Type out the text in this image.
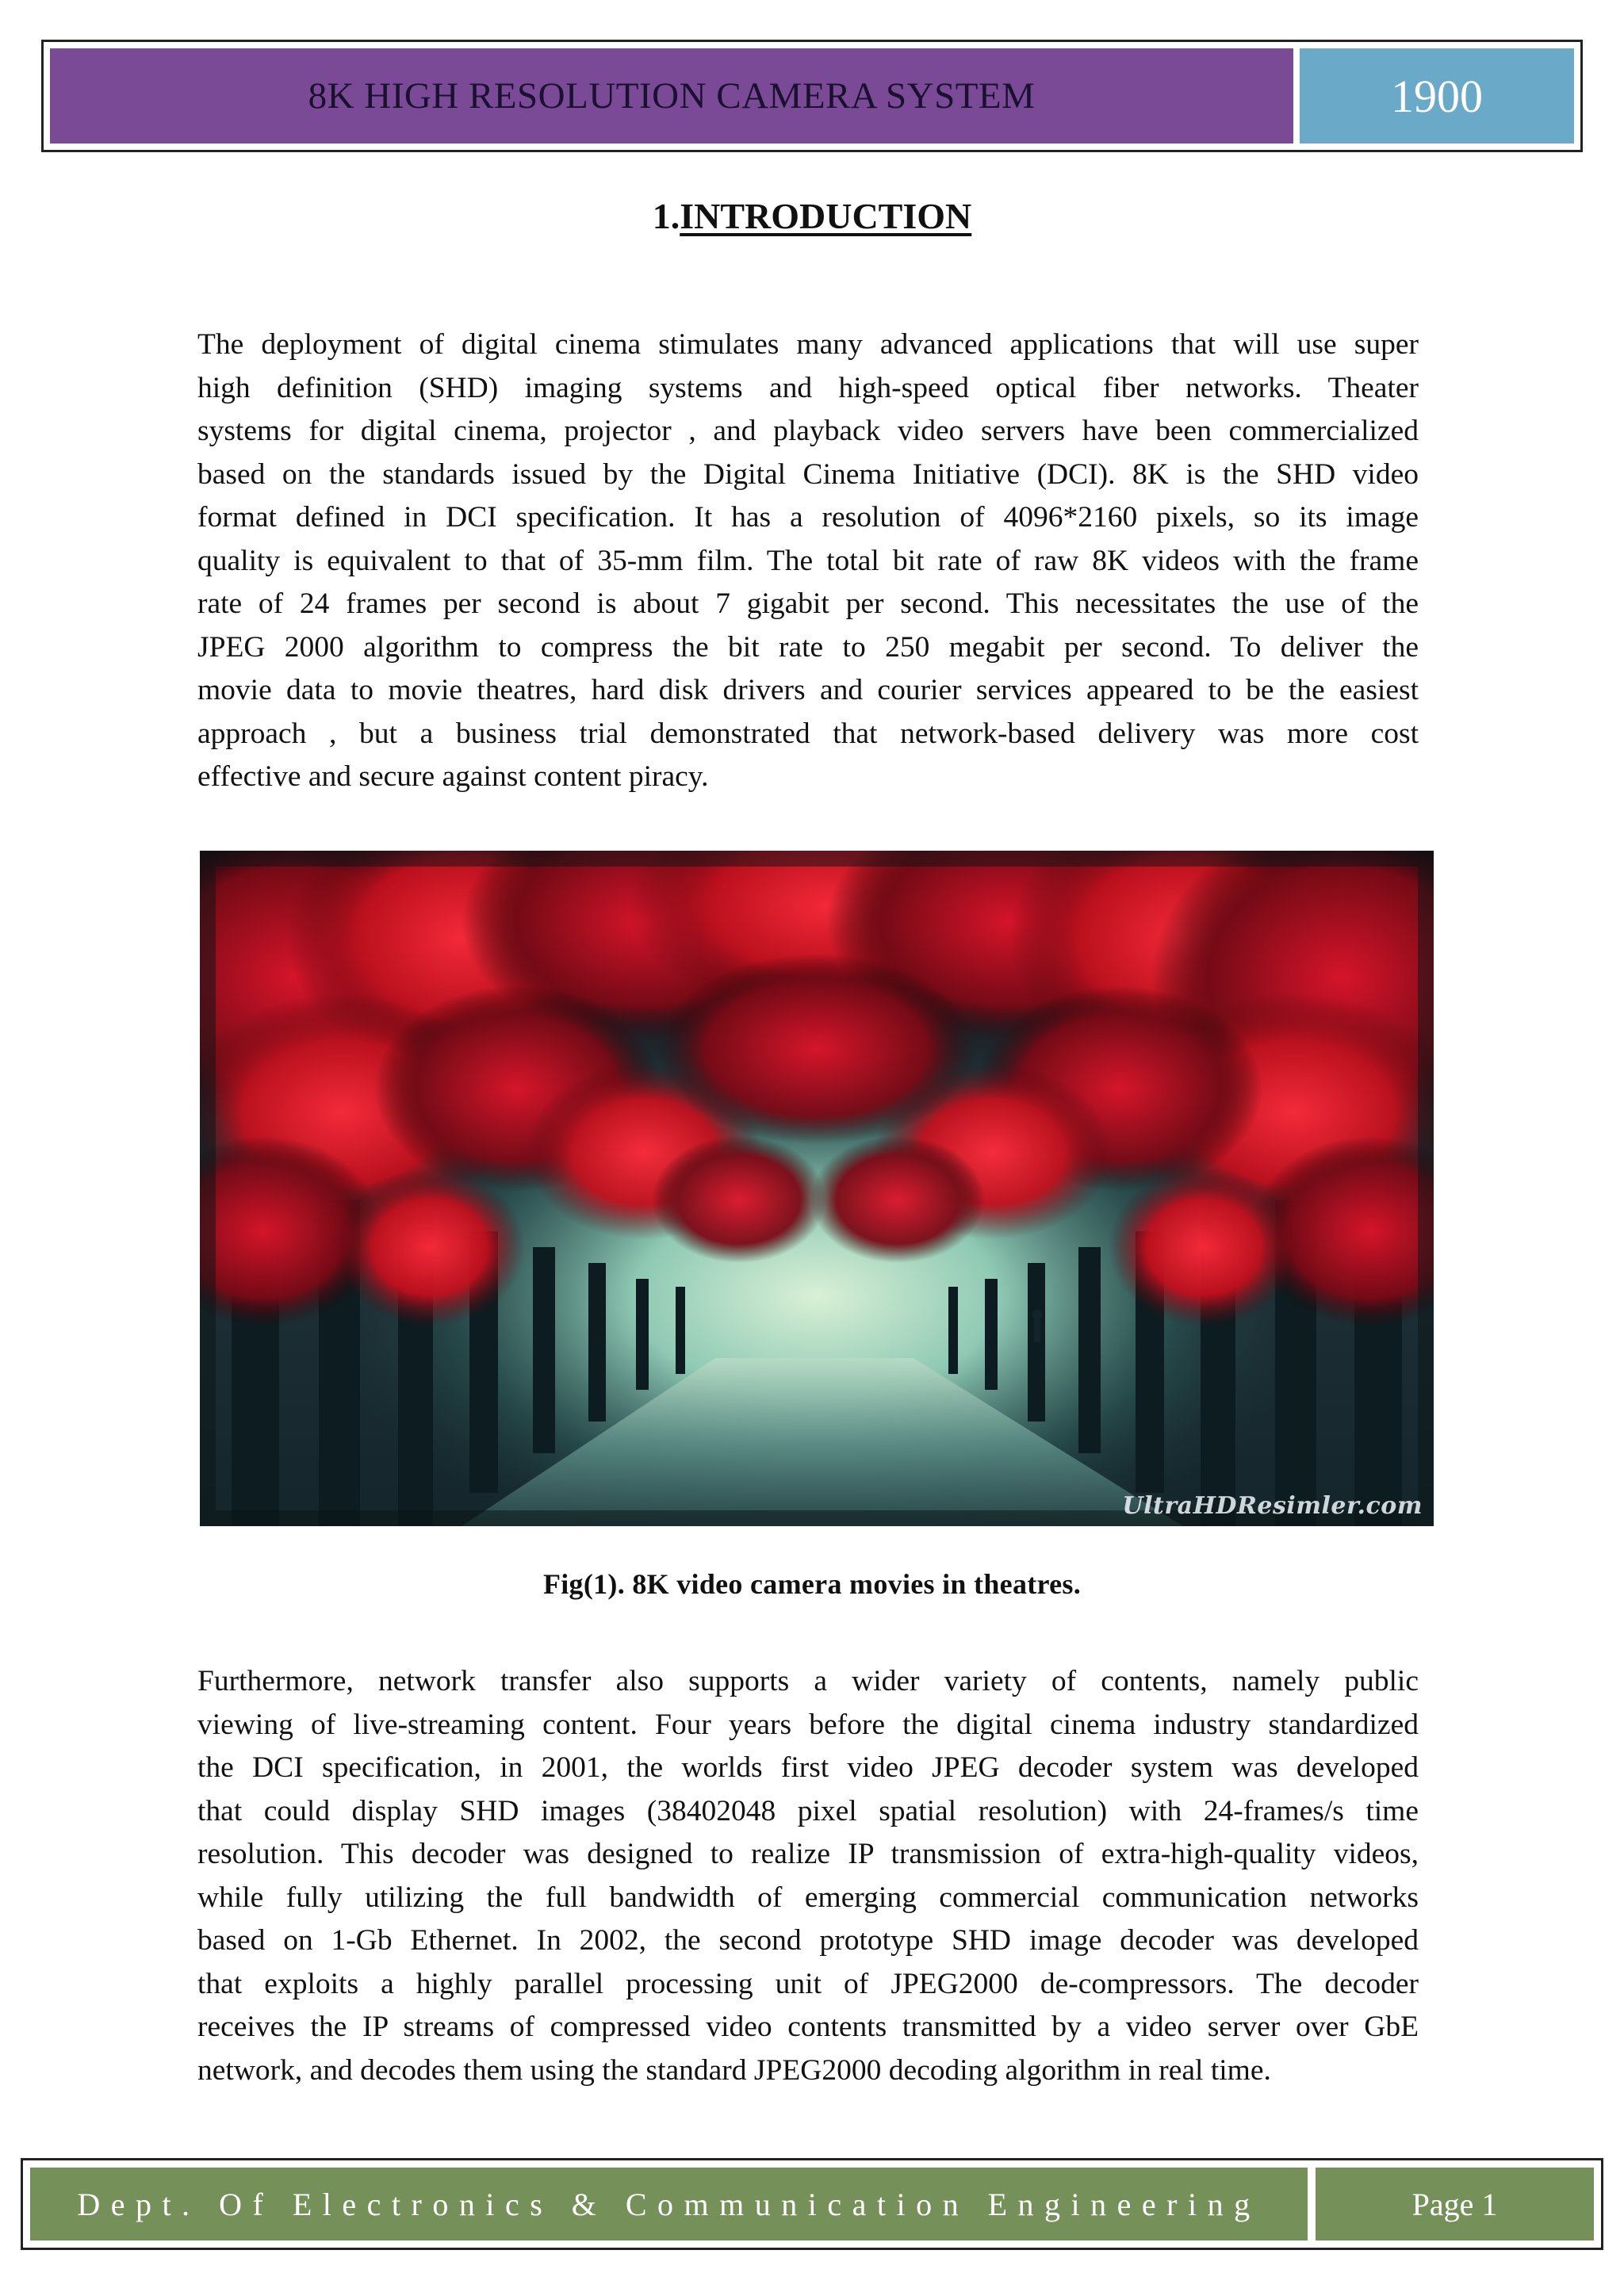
8K HIGH RESOLUTION CAMERA SYSTEM	1900
1.INTRODUCTION
The deployment of digital cinema stimulates many advanced applications that will use super
high definition (SHD) imaging systems and high-speed optical fiber networks. Theater
systems for digital cinema, projector , and playback video servers have been commercialized
based on the standards issued by the Digital Cinema Initiative (DCI). 8K is the SHD video
format defined in DCI specification. It has a resolution of 4096*2160 pixels, so its image
quality is equivalent to that of 35-mm film. The total bit rate of raw 8K videos with the frame
rate of 24 frames per second is about 7 gigabit per second. This necessitates the use of the
JPEG 2000 algorithm to compress the bit rate to 250 megabit per second. To deliver the
movie data to movie theatres, hard disk drivers and courier services appeared to be the easiest
approach , but a business trial demonstrated that network-based delivery was more cost
effective and secure against content piracy.
UltraHDResimler.com
Fig(1). 8K video camera movies in theatres.
Furthermore, network transfer also supports a wider variety of contents, namely public
viewing of live-streaming content. Four years before the digital cinema industry standardized
the DCI specification, in 2001, the worlds first video JPEG decoder system was developed
that could display SHD images (38402048 pixel spatial resolution) with 24-frames/s time
resolution. This decoder was designed to realize IP transmission of extra-high-quality videos,
while fully utilizing the full bandwidth of emerging commercial communication networks
based on 1-Gb Ethernet. In 2002, the second prototype SHD image decoder was developed
that exploits a highly parallel processing unit of JPEG2000 de-compressors. The decoder
receives the IP streams of compressed video contents transmitted by a video server over GbE
network, and decodes them using the standard JPEG2000 decoding algorithm in real time.
Dept. Of Electronics & Communication Engineering	Page 1
